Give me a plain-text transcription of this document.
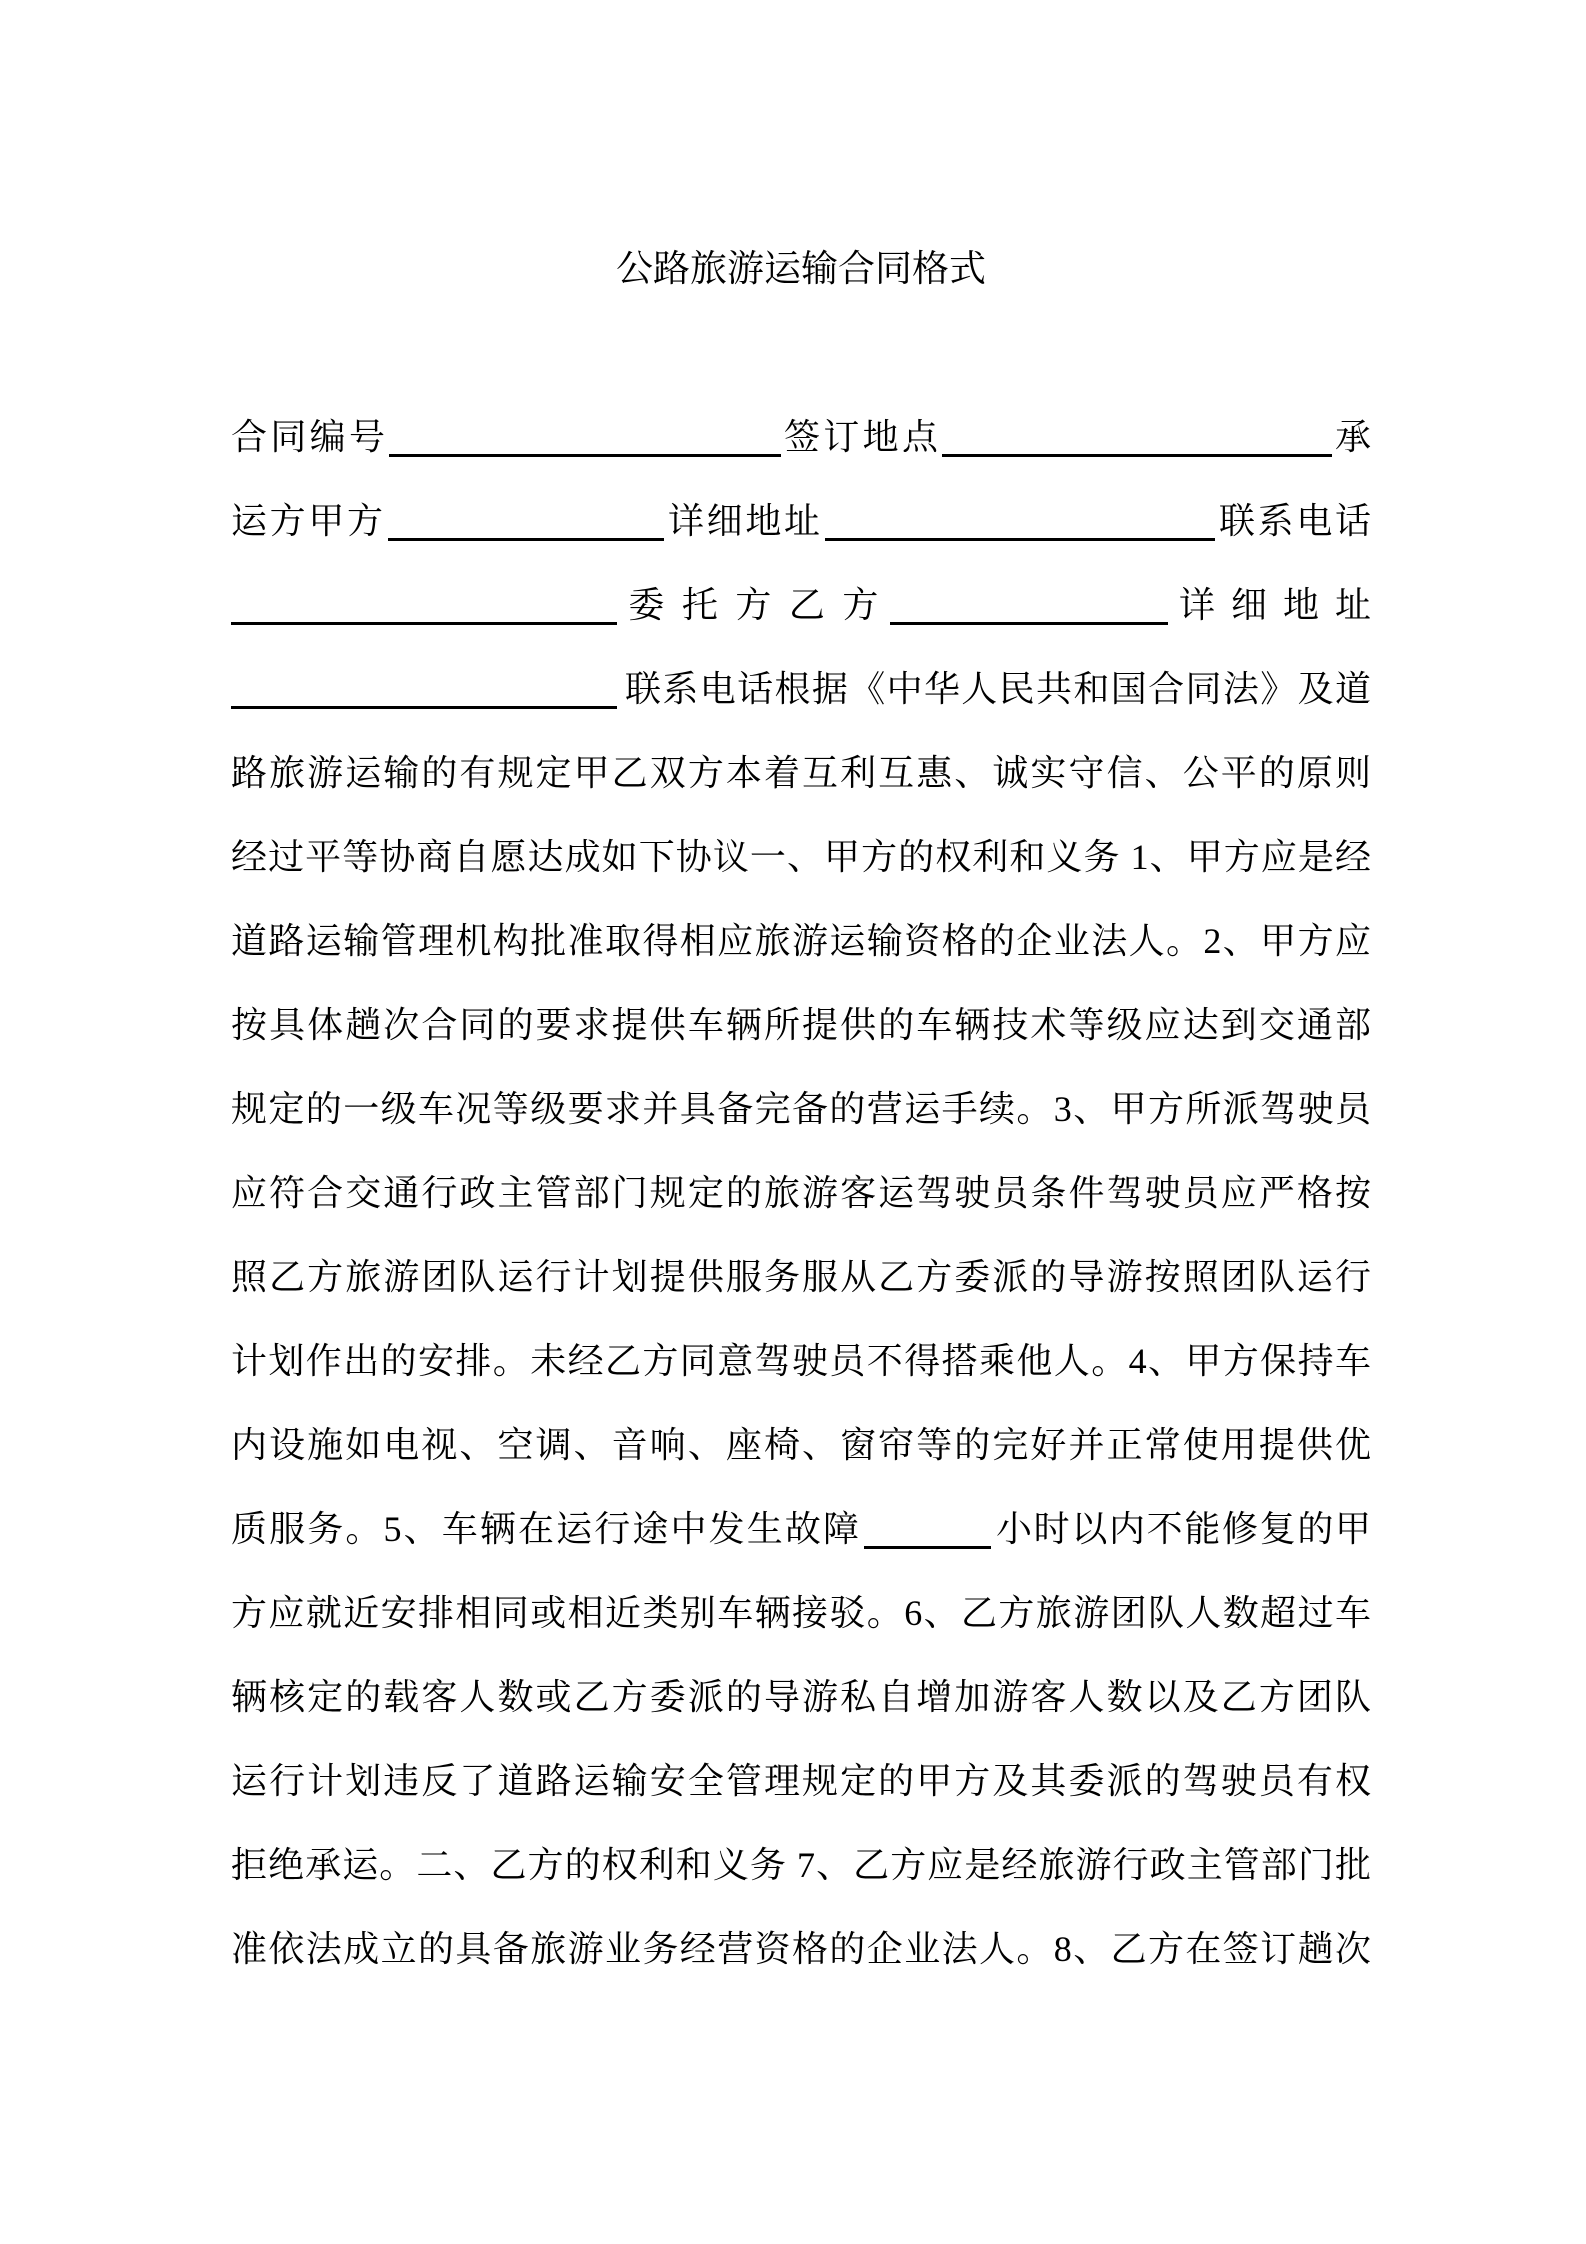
公路旅游运输合同格式
合同编号	签订地点	承
运方甲方	详细地址	联系电话
委 托 方 乙 方	详 细 地 址
联系电话根据《中华人民共和国合同法》及道
路旅游运输的有规定甲乙双方本着互利互惠、诚实守信、公平的原则
经过平等协商自愿达成如下协议一、甲方的权利和义务 1、甲方应是经
道路运输管理机构批准取得相应旅游运输资格的企业法人。2、甲方应
按具体趟次合同的要求提供车辆所提供的车辆技术等级应达到交通部
规定的一级车况等级要求并具备完备的营运手续。3、甲方所派驾驶员
应符合交通行政主管部门规定的旅游客运驾驶员条件驾驶员应严格按
照乙方旅游团队运行计划提供服务服从乙方委派的导游按照团队运行
计划作出的安排。未经乙方同意驾驶员不得搭乘他人。4、甲方保持车
内设施如电视、空调、音响、座椅、窗帘等的完好并正常使用提供优
质服务。5、车辆在运行途中发生故障	小时以内不能修复的甲
方应就近安排相同或相近类别车辆接驳。6、乙方旅游团队人数超过车
辆核定的载客人数或乙方委派的导游私自增加游客人数以及乙方团队
运行计划违反了道路运输安全管理规定的甲方及其委派的驾驶员有权
拒绝承运。二、乙方的权利和义务 7、乙方应是经旅游行政主管部门批
准依法成立的具备旅游业务经营资格的企业法人。8、乙方在签订趟次
